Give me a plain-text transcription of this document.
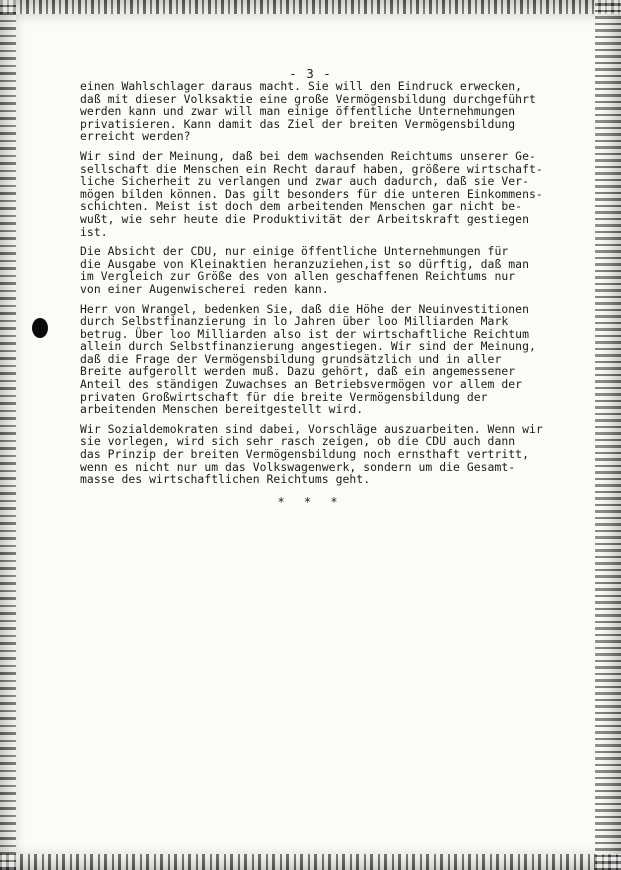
- 3 -
einen Wahlschlager daraus macht. Sie will den Eindruck erwecken,
daß mit dieser Volksaktie eine große Vermögensbildung durchgeführt
werden kann und zwar will man einige öffentliche Unternehmungen
privatisieren. Kann damit das Ziel der breiten Vermögensbildung
erreicht werden?
Wir sind der Meinung, daß bei dem wachsenden Reichtums unserer Ge-
sellschaft die Menschen ein Recht darauf haben, größere wirtschaft-
liche Sicherheit zu verlangen und zwar auch dadurch, daß sie Ver-
mögen bilden können. Das gilt besonders für die unteren Einkommens-
schichten. Meist ist doch dem arbeitenden Menschen gar nicht be-
wußt, wie sehr heute die Produktivität der Arbeitskraft gestiegen
ist.
Die Absicht der CDU, nur einige öffentliche Unternehmungen für
die Ausgabe von Kleinaktien heranzuziehen,ist so dürftig, daß man
im Vergleich zur Größe des von allen geschaffenen Reichtums nur
von einer Augenwischerei reden kann.
Herr von Wrangel, bedenken Sie, daß die Höhe der Neuinvestitionen
durch Selbstfinanzierung in lo Jahren über loo Milliarden Mark
betrug. Über loo Milliarden also ist der wirtschaftliche Reichtum
allein durch Selbstfinanzierung angestiegen. Wir sind der Meinung,
daß die Frage der Vermögensbildung grundsätzlich und in aller
Breite aufgerollt werden muß. Dazu gehört, daß ein angemessener
Anteil des ständigen Zuwachses an Betriebsvermögen vor allem der
privaten Großwirtschaft für die breite Vermögensbildung der
arbeitenden Menschen bereitgestellt wird.
Wir Sozialdemokraten sind dabei, Vorschläge auszuarbeiten. Wenn wir
sie vorlegen, wird sich sehr rasch zeigen, ob die CDU auch dann
das Prinzip der breiten Vermögensbildung noch ernsthaft vertritt,
wenn es nicht nur um das Volkswagenwerk, sondern um die Gesamt-
masse des wirtschaftlichen Reichtums geht.
* * *
